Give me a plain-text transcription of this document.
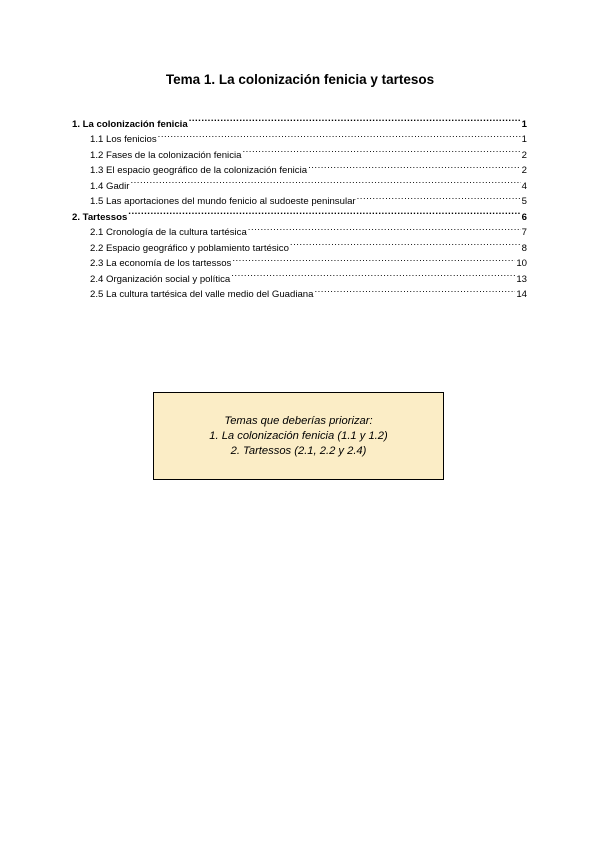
Tema 1. La colonización fenicia y tartesos
1. La colonización fenicia .....	1
1.1 Los fenicios .....	1
1.2 Fases de la colonización fenicia .....	2
1.3 El espacio geográfico de la colonización fenicia .....	2
1.4 Gadir .....	4
1.5 Las aportaciones del mundo fenicio al sudoeste peninsular .....	5
2. Tartessos .....	6
2.1 Cronología de la cultura tartésica .....	7
2.2 Espacio geográfico y poblamiento tartésico .....	8
2.3 La economía de los tartessos .....	10
2.4 Organización social y política .....	13
2.5 La cultura tartésica del valle medio del Guadiana .....	14
Temas que deberías priorizar:
1. La colonización fenicia (1.1 y 1.2)
2. Tartessos (2.1, 2.2 y 2.4)
